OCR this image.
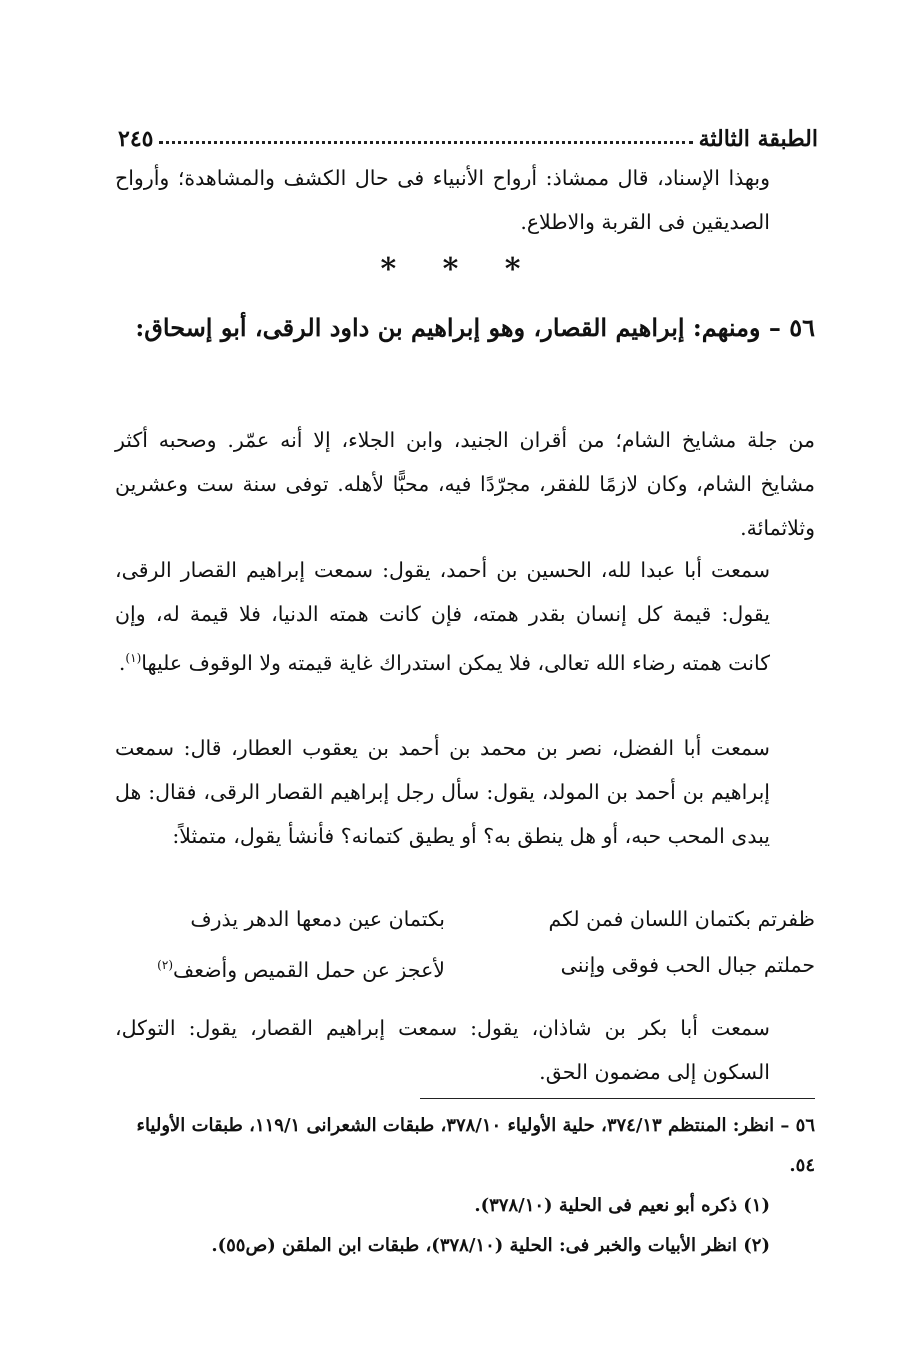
الطبقة الثالثة
٢٤٥

وبهذا الإسناد، قال ممشاذ: أرواح الأنبياء فى حال الكشف والمشاهدة؛ وأرواح الصديقين فى القربة والاطلاع.

* * *
٥٦ – ومنهم: إبراهيم القصار، وهو إبراهيم بن داود الرقى، أبو إسحاق:

من جلة مشايخ الشام؛ من أقران الجنيد، وابن الجلاء، إلا أنه عمّر. وصحبه أكثر مشايخ الشام، وكان لازمًا للفقر، مجرّدًا فيه، محبًّا لأهله. توفى سنة ست وعشرين وثلاثمائة.

سمعت أبا عبدا لله، الحسين بن أحمد، يقول: سمعت إبراهيم القصار الرقى، يقول: قيمة كل إنسان بقدر همته، فإن كانت همته الدنيا، فلا قيمة له، وإن كانت همته رضاء الله تعالى، فلا يمكن استدراك غاية قيمته ولا الوقوف عليها$^{(١)}$.

سمعت أبا الفضل، نصر بن محمد بن أحمد بن يعقوب العطار، قال: سمعت إبراهيم بن أحمد بن المولد، يقول: سأل رجل إبراهيم القصار الرقى، فقال: هل يبدى المحب حبه، أو هل ينطق به؟ أو يطيق كتمانه؟ فأنشأ يقول، متمثلاً:

ظفرتم بكتمان اللسان فمن لكم
بكتمان عين دمعها الدهر يذرف
حملتم جبال الحب فوقى وإننى
لأعجز عن حمل القميص وأضعف$^{(٢)}$

سمعت أبا بكر بن شاذان، يقول: سمعت إبراهيم القصار، يقول: التوكل، السكون إلى مضمون الحق.

٥٦ – انظر: المنتظم ٣٧٤/١٣، حلية الأولياء ٣٧٨/١٠، طبقات الشعرانى ١١٩/١، طبقات الأولياء ٥٤.

(١) ذكره أبو نعيم فى الحلية (٣٧٨/١٠).

(٢) انظر الأبيات والخبر فى: الحلية (٣٧٨/١٠)، طبقات ابن الملقن (ص٥٥).
